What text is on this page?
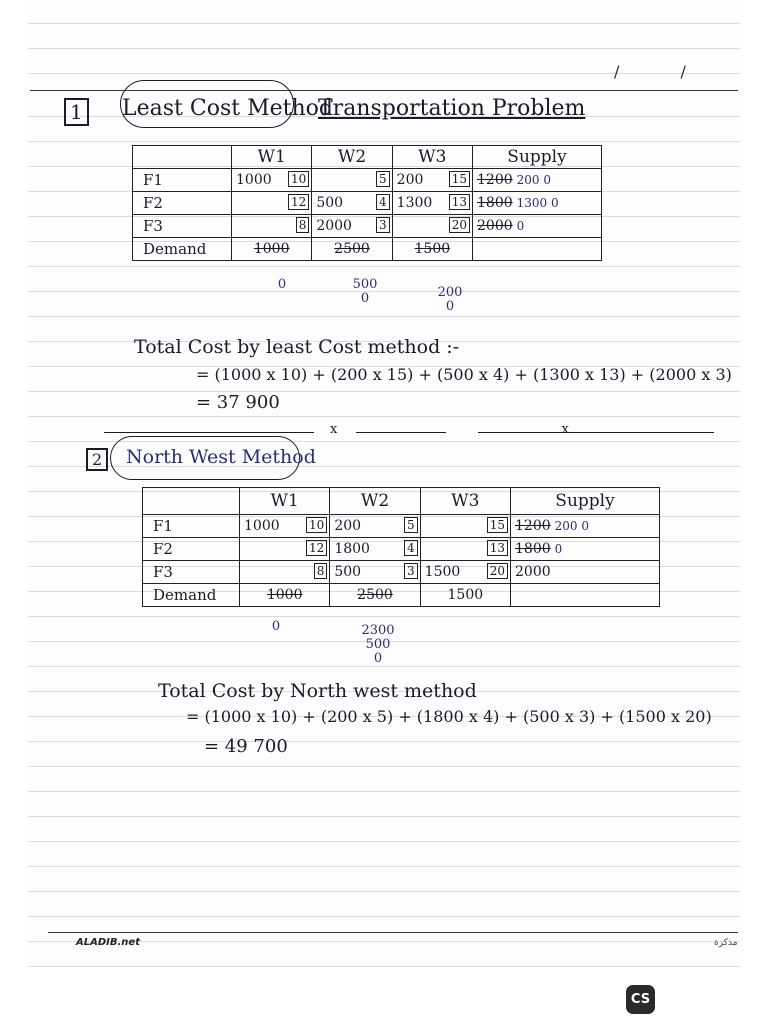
/ /
1 Least Cost Method
Transportation Problem
	W1	W2	W3	Supply
F1	1000 10	5	200 15	1200 200 0
F2	12	500 4	1300 13	1800 1300 0
F3	8	2000 3	20	2000 0
Demand	1000	2500	1500	
0	500
0	200
0
Total Cost by least Cost method :-
= (1000 x 10) + (200 x 15) + (500 x 4) + (1300 x 13) + (2000 x 3)
= 37 900
x x
2	North West Method
	W1	W2	W3	Supply
F1	1000 10	200 5	15	1200 200 0
F2	12	1800 4	13	1800 0
F3	8	500 3	1500 20	2000
Demand	1000	2500	1500	
0	2300
500
0
Total Cost by North west method
= (1000 x 10) + (200 x 5) + (1800 x 4) + (500 x 3) + (1500 x 20)
= 49 700
ALADIB.net	مذكرة
CS
